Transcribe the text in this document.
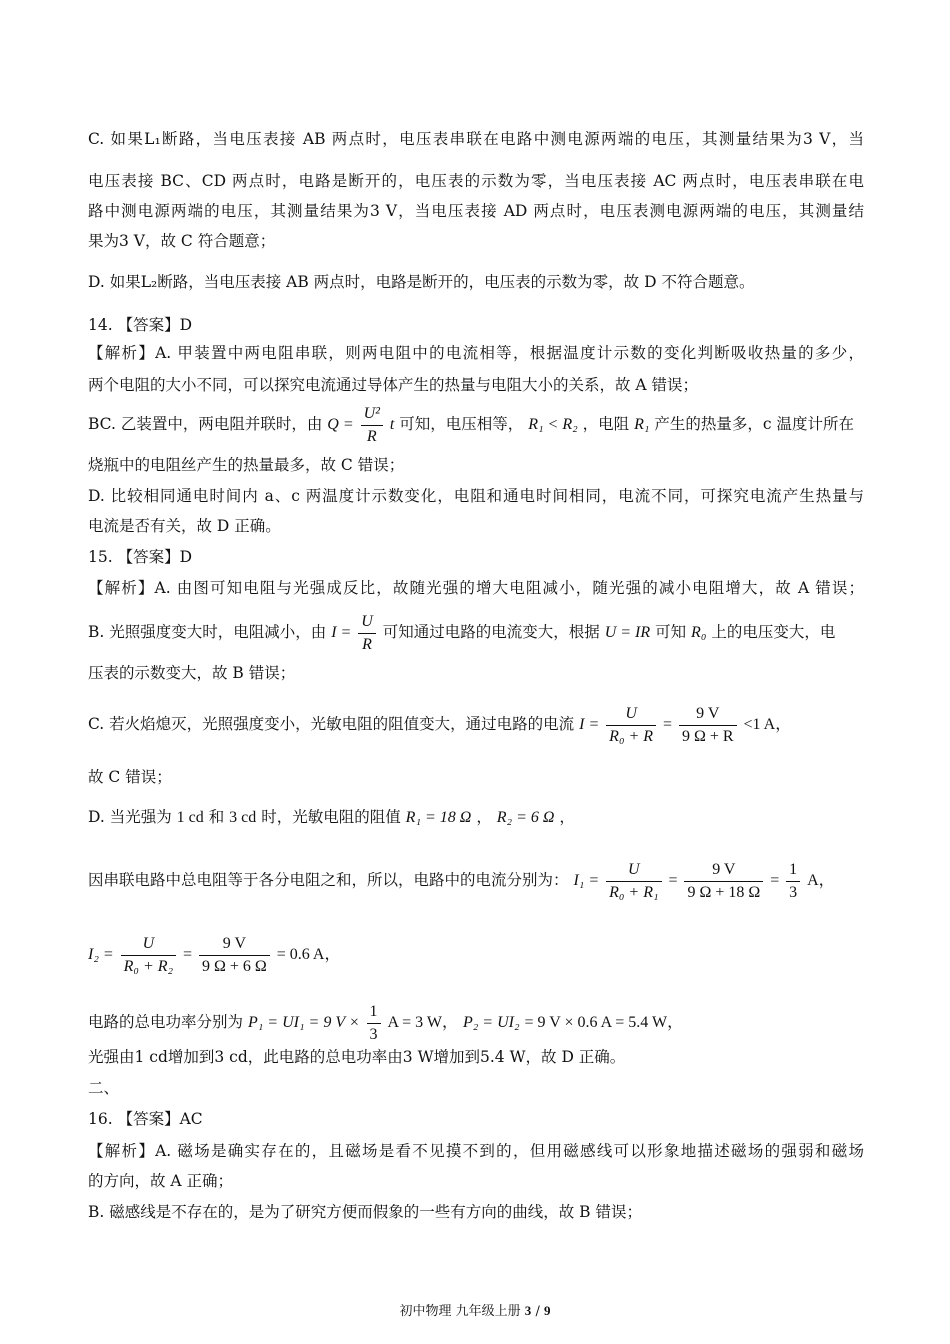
C. 如果L₁断路，当电压表接 AB 两点时，电压表串联在电路中测电源两端的电压，其测量结果为3 V，当
电压表接 BC、CD 两点时，电路是断开的，电压表的示数为零，当电压表接 AC 两点时，电压表串联在电
路中测电源两端的电压，其测量结果为3 V，当电压表接 AD 两点时，电压表测电源两端的电压，其测量结
果为3 V，故 C 符合题意；
D. 如果L₂断路，当电压表接 AB 两点时，电路是断开的，电压表的示数为零，故 D 不符合题意。
14. 【答案】D
【解析】A. 甲装置中两电阻串联，则两电阻中的电流相等，根据温度计示数的变化判断吸收热量的多少，
两个电阻的大小不同，可以探究电流通过导体产生的热量与电阻大小的关系，故 A 错误；
BC. 乙装置中，两电阻并联时，由 $Q = \frac{\text{U²}}{R}$ t 可知，电压相等， R₁ < R₂ ，电阻 R₁ 产生的热量多，c 温度计所在
烧瓶中的电阻丝产生的热量最多，故 C 错误；
D. 比较相同通电时间内 a、c 两温度计示数变化，电阻和通电时间相同，电流不同，可探究电流产生热量与
电流是否有关，故 D 正确。
15. 【答案】D
【解析】A. 由图可知电阻与光强成反比，故随光强的增大电阻减小，随光强的减小电阻增大，故 A 错误；
B. 光照强度变大时，电阻减小，由 $I = \frac{U}{R}$ 可知通过电路的电流变大，根据 U = IR 可知 R₀ 上的电压变大，电
压表的示数变大，故 B 错误；
C. 若火焰熄灭，光照强度变小，光敏电阻的阻值变大，通过电路的电流 $I = \frac{U}{\text{R₀ + R}} = \frac{9 V}{9 \Omega + R} <1$ A，
故 C 错误；
D. 当光强为 1 cd 和 3 cd 时，光敏电阻的阻值 R₁ = 18 Ω ， R₂ = 6 Ω ，
因串联电路中总电阻等于各分电阻之和，所以，电路中的电流分别为： $I_1 = \frac{U}{\text{R₀ + R₁}} = \frac{9 V}{9 \Omega + 18 \Omega} = \frac{1}{3}$ A，
$I_2 = \frac{U}{\text{R₀ + R₂}} = \frac{9 V}{9 \Omega + 6 \Omega} = 0.6$ A，
电路的总电功率分别为 P₁ = UI₁ = 9 $V \times \frac{1}{3}$ A = 3 W， P₂ = UI₂ = 9 V × 0.6 A = 5.4 W，
光强由1 cd增加到3 cd，此电路的总电功率由3 W增加到5.4 W，故 D 正确。
二、
16. 【答案】AC
【解析】A. 磁场是确实存在的，且磁场是看不见摸不到的，但用磁感线可以形象地描述磁场的强弱和磁场
的方向，故 A 正确；
B. 磁感线是不存在的，是为了研究方便而假象的一些有方向的曲线，故 B 错误；
初中物理 九年级上册 3 / 9
